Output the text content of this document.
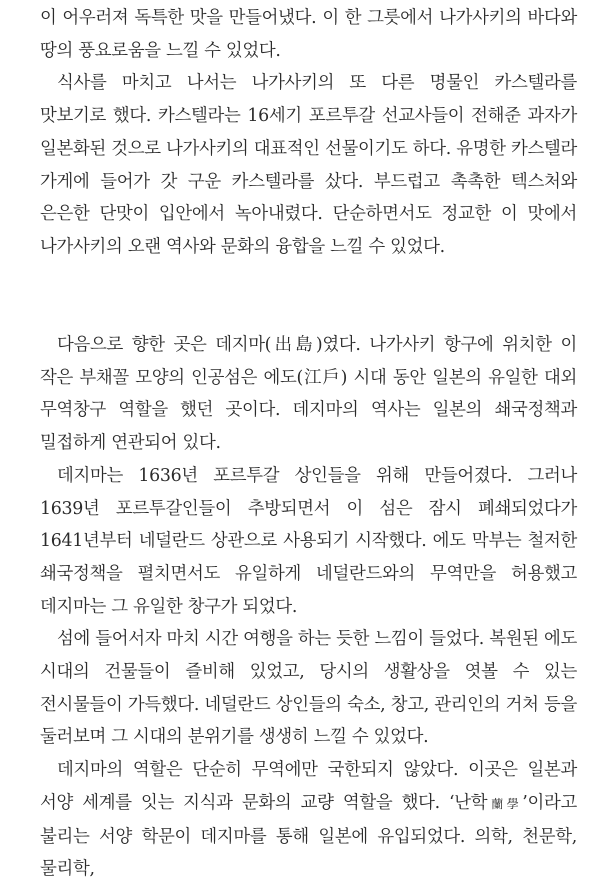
이 어우러져 독특한 맛을 만들어냈다. 이 한 그릇에서 나가사키의 바다와 땅의 풍요로움을 느낄 수 있었다.

식사를 마치고 나서는 나가사키의 또 다른 명물인 카스텔라를 맛보기로 했다. 카스텔라는 16세기 포르투갈 선교사들이 전해준 과자가 일본화된 것으로 나가사키의 대표적인 선물이기도 하다. 유명한 카스텔라 가게에 들어가 갓 구운 카스텔라를 샀다. 부드럽고 촉촉한 텍스처와 은은한 단맛이 입안에서 녹아내렸다. 단순하면서도 정교한 이 맛에서 나가사키의 오랜 역사와 문화의 융합을 느낄 수 있었다.

다음으로 향한 곳은 데지마(出島)였다. 나가사키 항구에 위치한 이 작은 부채꼴 모양의 인공섬은 에도(江戶) 시대 동안 일본의 유일한 대외 무역창구 역할을 했던 곳이다. 데지마의 역사는 일본의 쇄국정책과 밀접하게 연관되어 있다.

데지마는 1636년 포르투갈 상인들을 위해 만들어졌다. 그러나 1639년 포르투갈인들이 추방되면서 이 섬은 잠시 폐쇄되었다가 1641년부터 네덜란드 상관으로 사용되기 시작했다. 에도 막부는 철저한 쇄국정책을 펼치면서도 유일하게 네덜란드와의 무역만을 허용했고 데지마는 그 유일한 창구가 되었다.

섬에 들어서자 마치 시간 여행을 하는 듯한 느낌이 들었다. 복원된 에도 시대의 건물들이 즐비해 있었고, 당시의 생활상을 엿볼 수 있는 전시물들이 가득했다. 네덜란드 상인들의 숙소, 창고, 관리인의 거처 등을 둘러보며 그 시대의 분위기를 생생히 느낄 수 있었다.

데지마의 역할은 단순히 무역에만 국한되지 않았다. 이곳은 일본과 서양 세계를 잇는 지식과 문화의 교량 역할을 했다. ‘난학蘭學’이라고 불리는 서양 학문이 데지마를 통해 일본에 유입되었다. 의학, 천문학, 물리학,
